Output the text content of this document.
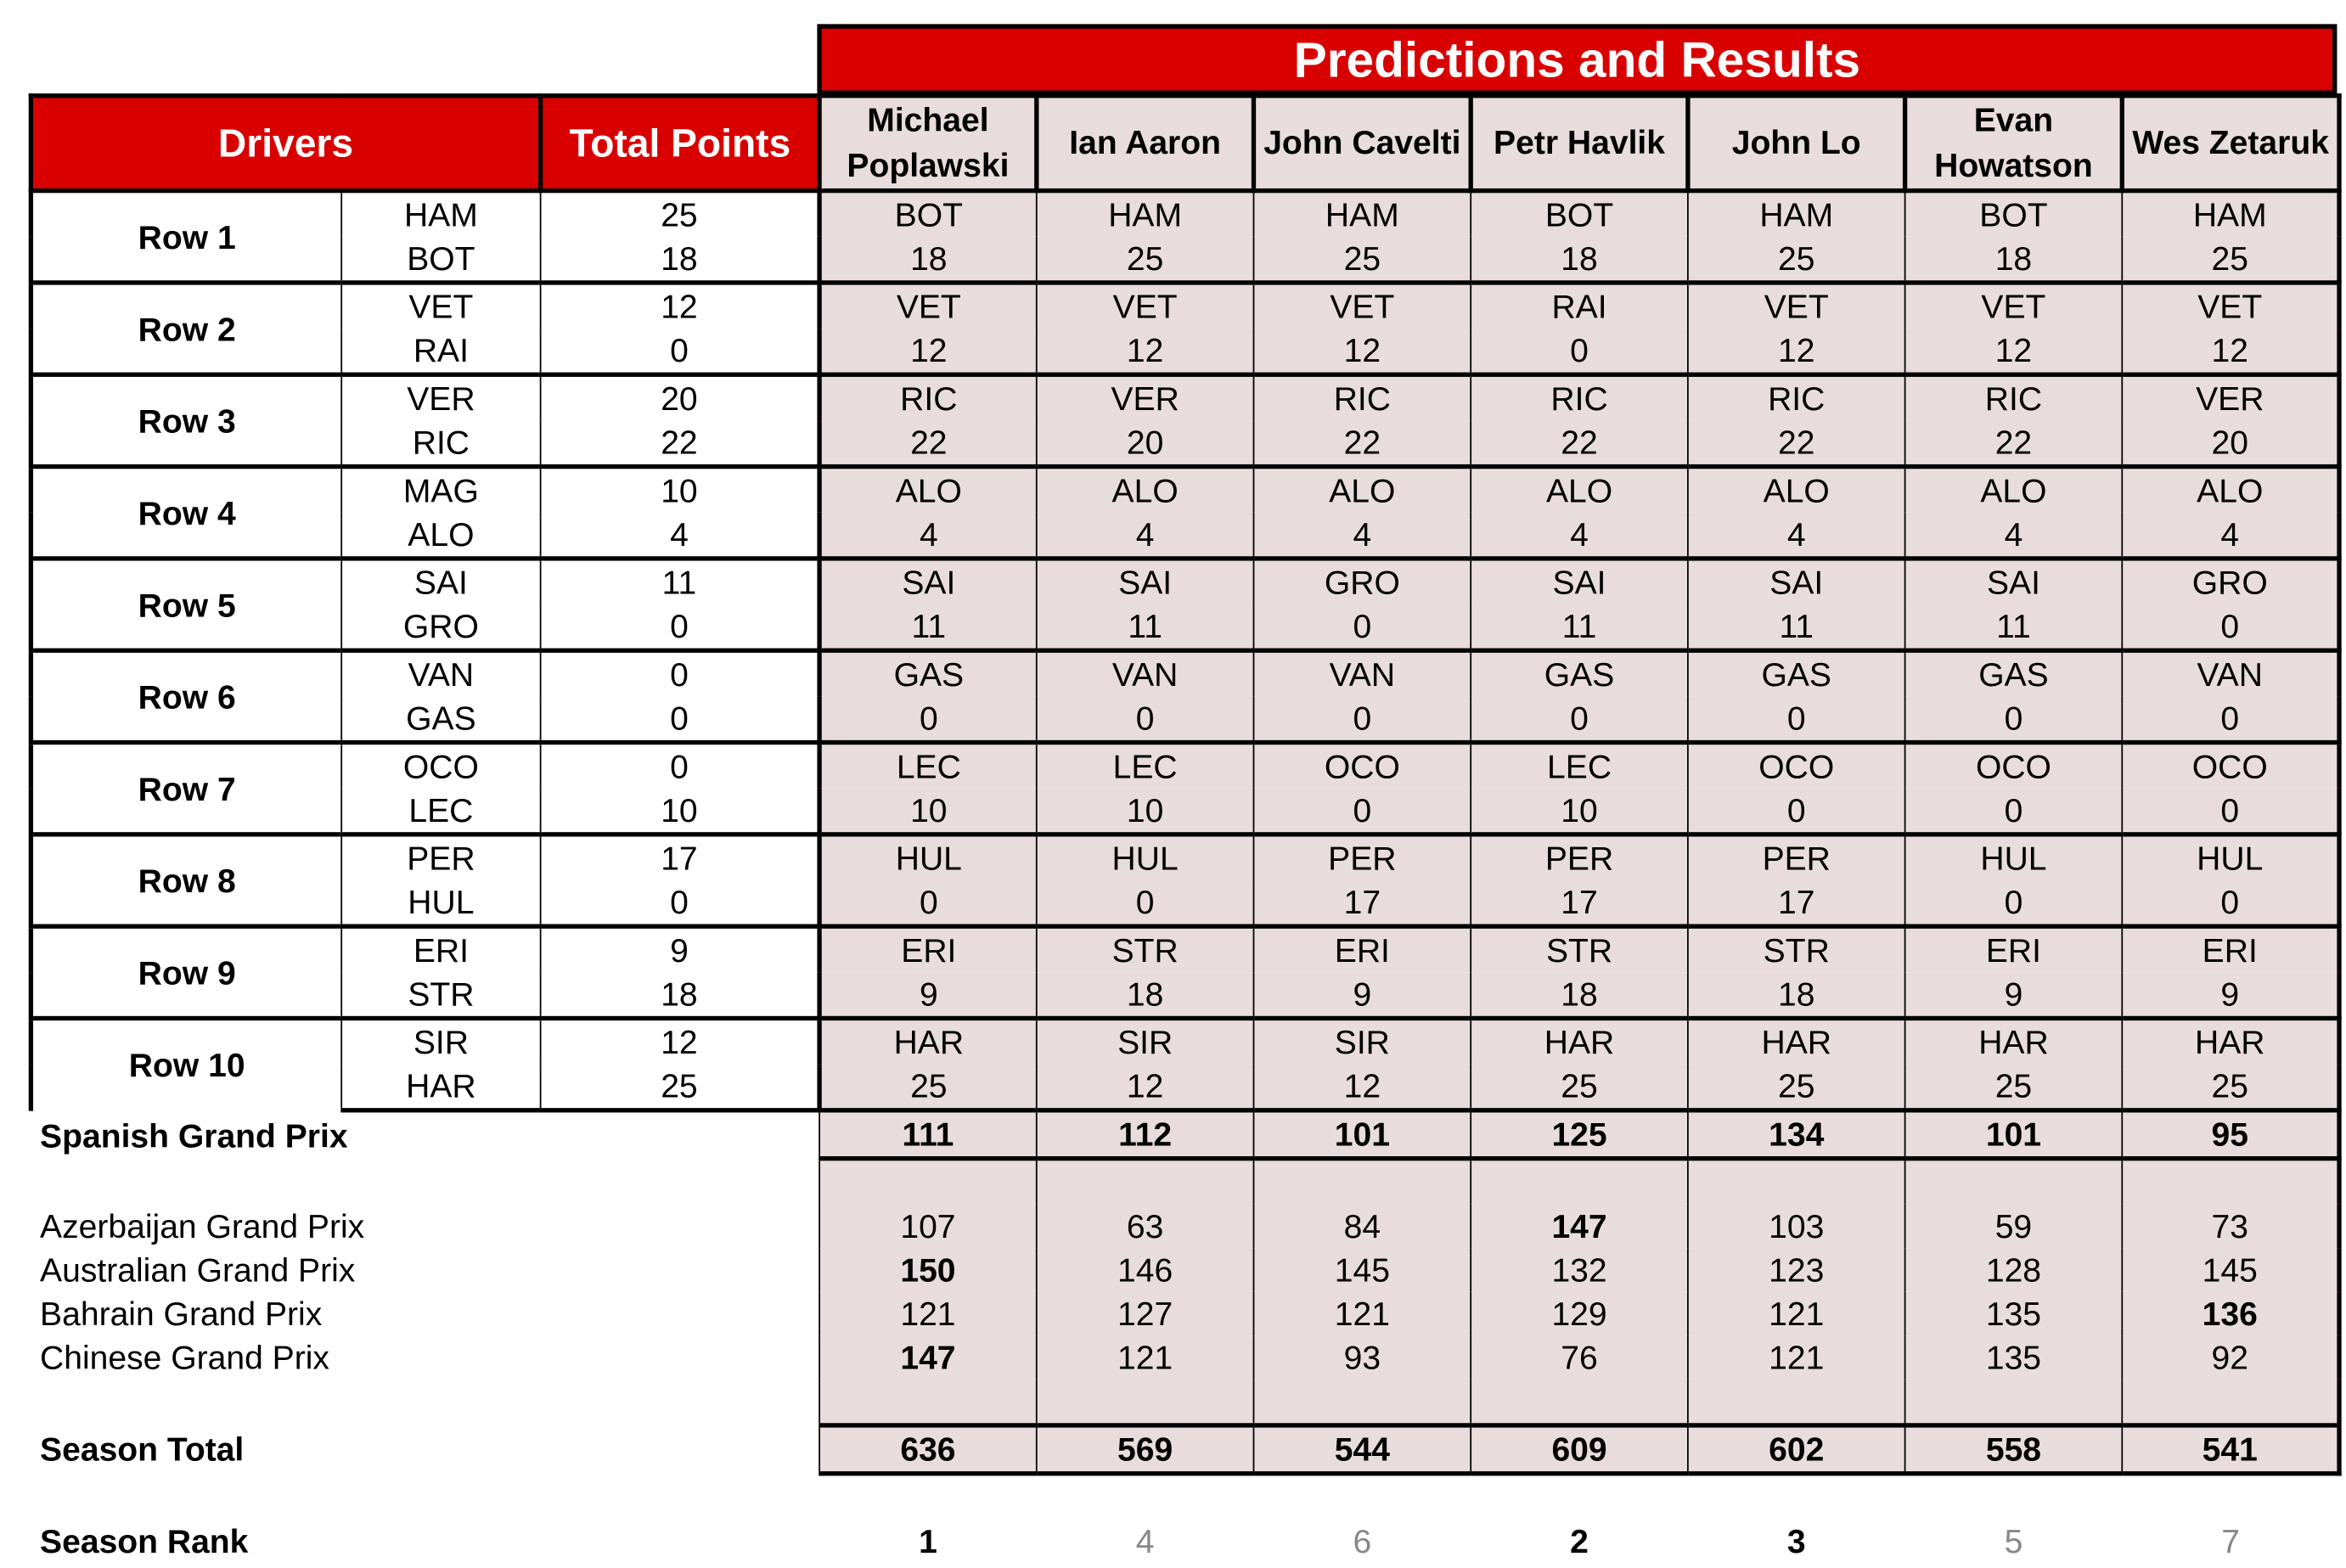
Predictions and Results
Drivers		Total Points	Michael Poplawski	Ian Aaron	John Cavelti	Petr Havlik	John Lo	Evan Howatson	Wes Zetaruk
Row 1	HAM	25	BOT	HAM	HAM	BOT	HAM	BOT	HAM
	BOT	18	18	25	25	18	25	18	25
Row 2	VET	12	VET	VET	VET	RAI	VET	VET	VET
	RAI	0	12	12	12	0	12	12	12
Row 3	VER	20	RIC	VER	RIC	RIC	RIC	RIC	VER
	RIC	22	22	20	22	22	22	22	20
Row 4	MAG	10	ALO	ALO	ALO	ALO	ALO	ALO	ALO
	ALO	4	4	4	4	4	4	4	4
Row 5	SAI	11	SAI	SAI	GRO	SAI	SAI	SAI	GRO
	GRO	0	11	11	0	11	11	11	0
Row 6	VAN	0	GAS	VAN	VAN	GAS	GAS	GAS	VAN
	GAS	0	0	0	0	0	0	0	0
Row 7	OCO	0	LEC	LEC	OCO	LEC	OCO	OCO	OCO
	LEC	10	10	10	0	10	0	0	0
Row 8	PER	17	HUL	HUL	PER	PER	PER	HUL	HUL
	HUL	0	0	0	17	17	17	0	0
Row 9	ERI	9	ERI	STR	ERI	STR	STR	ERI	ERI
	STR	18	9	18	9	18	18	9	9
Row 10	SIR	12	HAR	SIR	SIR	HAR	HAR	HAR	HAR
	HAR	25	25	12	12	25	25	25	25
Spanish Grand Prix			111	112	101	125	134	101	95

Azerbaijan Grand Prix			107	63	84	147	103	59	73
Australian Grand Prix			150	146	145	132	123	128	145
Bahrain Grand Prix			121	127	121	129	121	135	136
Chinese Grand Prix			147	121	93	76	121	135	92

Season Total			636	569	544	609	602	558	541

Season Rank			1	4	6	2	3	5	7
